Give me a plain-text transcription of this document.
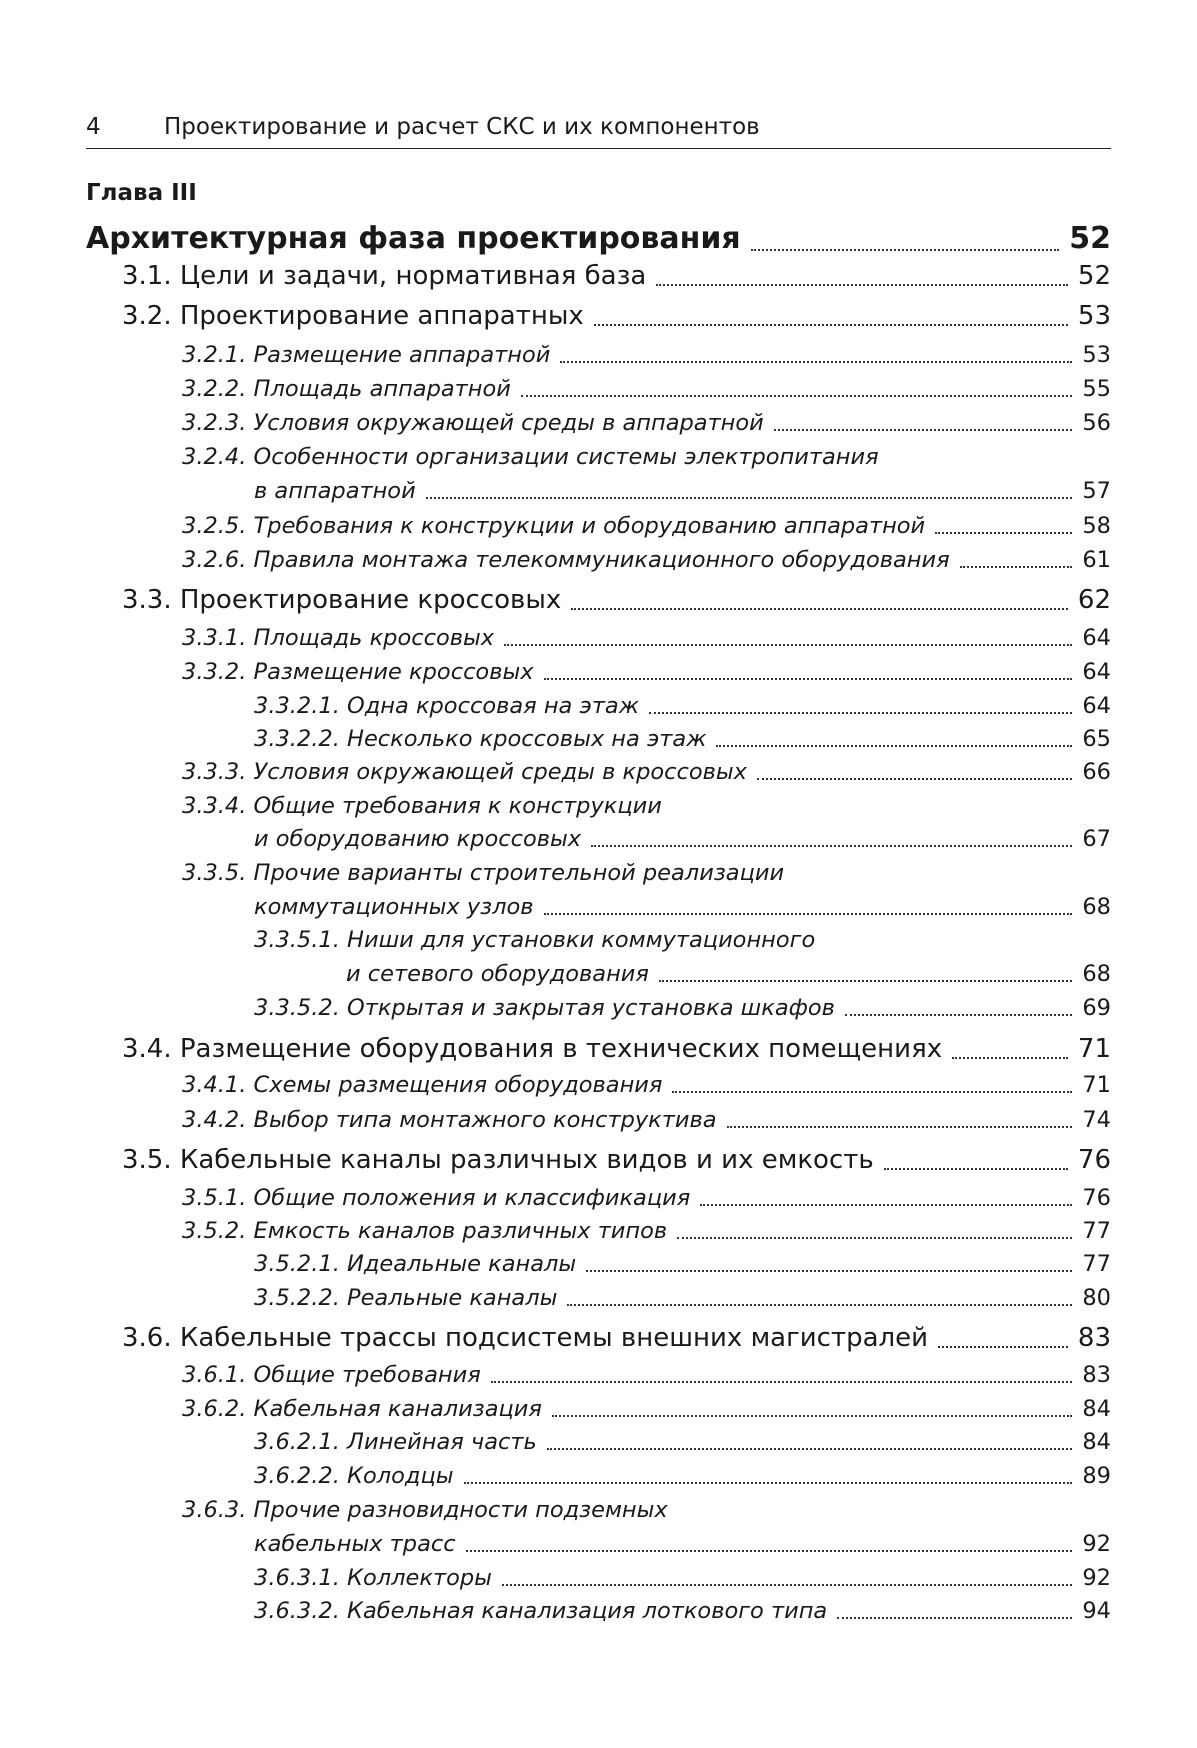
4	Проектирование и расчет СКС и их компонентов
Глава III
Архитектурная фаза проектирования	52
3.1. Цели и задачи, нормативная база	52
3.2. Проектирование аппаратных	53
3.2.1. Размещение аппаратной	53
3.2.2. Площадь аппаратной	55
3.2.3. Условия окружающей среды в аппаратной	56
3.2.4. Особенности организации системы электропитания
в аппаратной	57
3.2.5. Требования к конструкции и оборудованию аппаратной	58
3.2.6. Правила монтажа телекоммуникационного оборудования	61
3.3. Проектирование кроссовых	62
3.3.1. Площадь кроссовых	64
3.3.2. Размещение кроссовых	64
3.3.2.1. Одна кроссовая на этаж	64
3.3.2.2. Несколько кроссовых на этаж	65
3.3.3. Условия окружающей среды в кроссовых	66
3.3.4. Общие требования к конструкции
и оборудованию кроссовых	67
3.3.5. Прочие варианты строительной реализации
коммутационных узлов	68
3.3.5.1. Ниши для установки коммутационного
и сетевого оборудования	68
3.3.5.2. Открытая и закрытая установка шкафов	69
3.4. Размещение оборудования в технических помещениях	71
3.4.1. Схемы размещения оборудования	71
3.4.2. Выбор типа монтажного конструктива	74
3.5. Кабельные каналы различных видов и их емкость	76
3.5.1. Общие положения и классификация	76
3.5.2. Емкость каналов различных типов	77
3.5.2.1. Идеальные каналы	77
3.5.2.2. Реальные каналы	80
3.6. Кабельные трассы подсистемы внешних магистралей	83
3.6.1. Общие требования	83
3.6.2. Кабельная канализация	84
3.6.2.1. Линейная часть	84
3.6.2.2. Колодцы	89
3.6.3. Прочие разновидности подземных
кабельных трасс	92
3.6.3.1. Коллекторы	92
3.6.3.2. Кабельная канализация лоткового типа	94
